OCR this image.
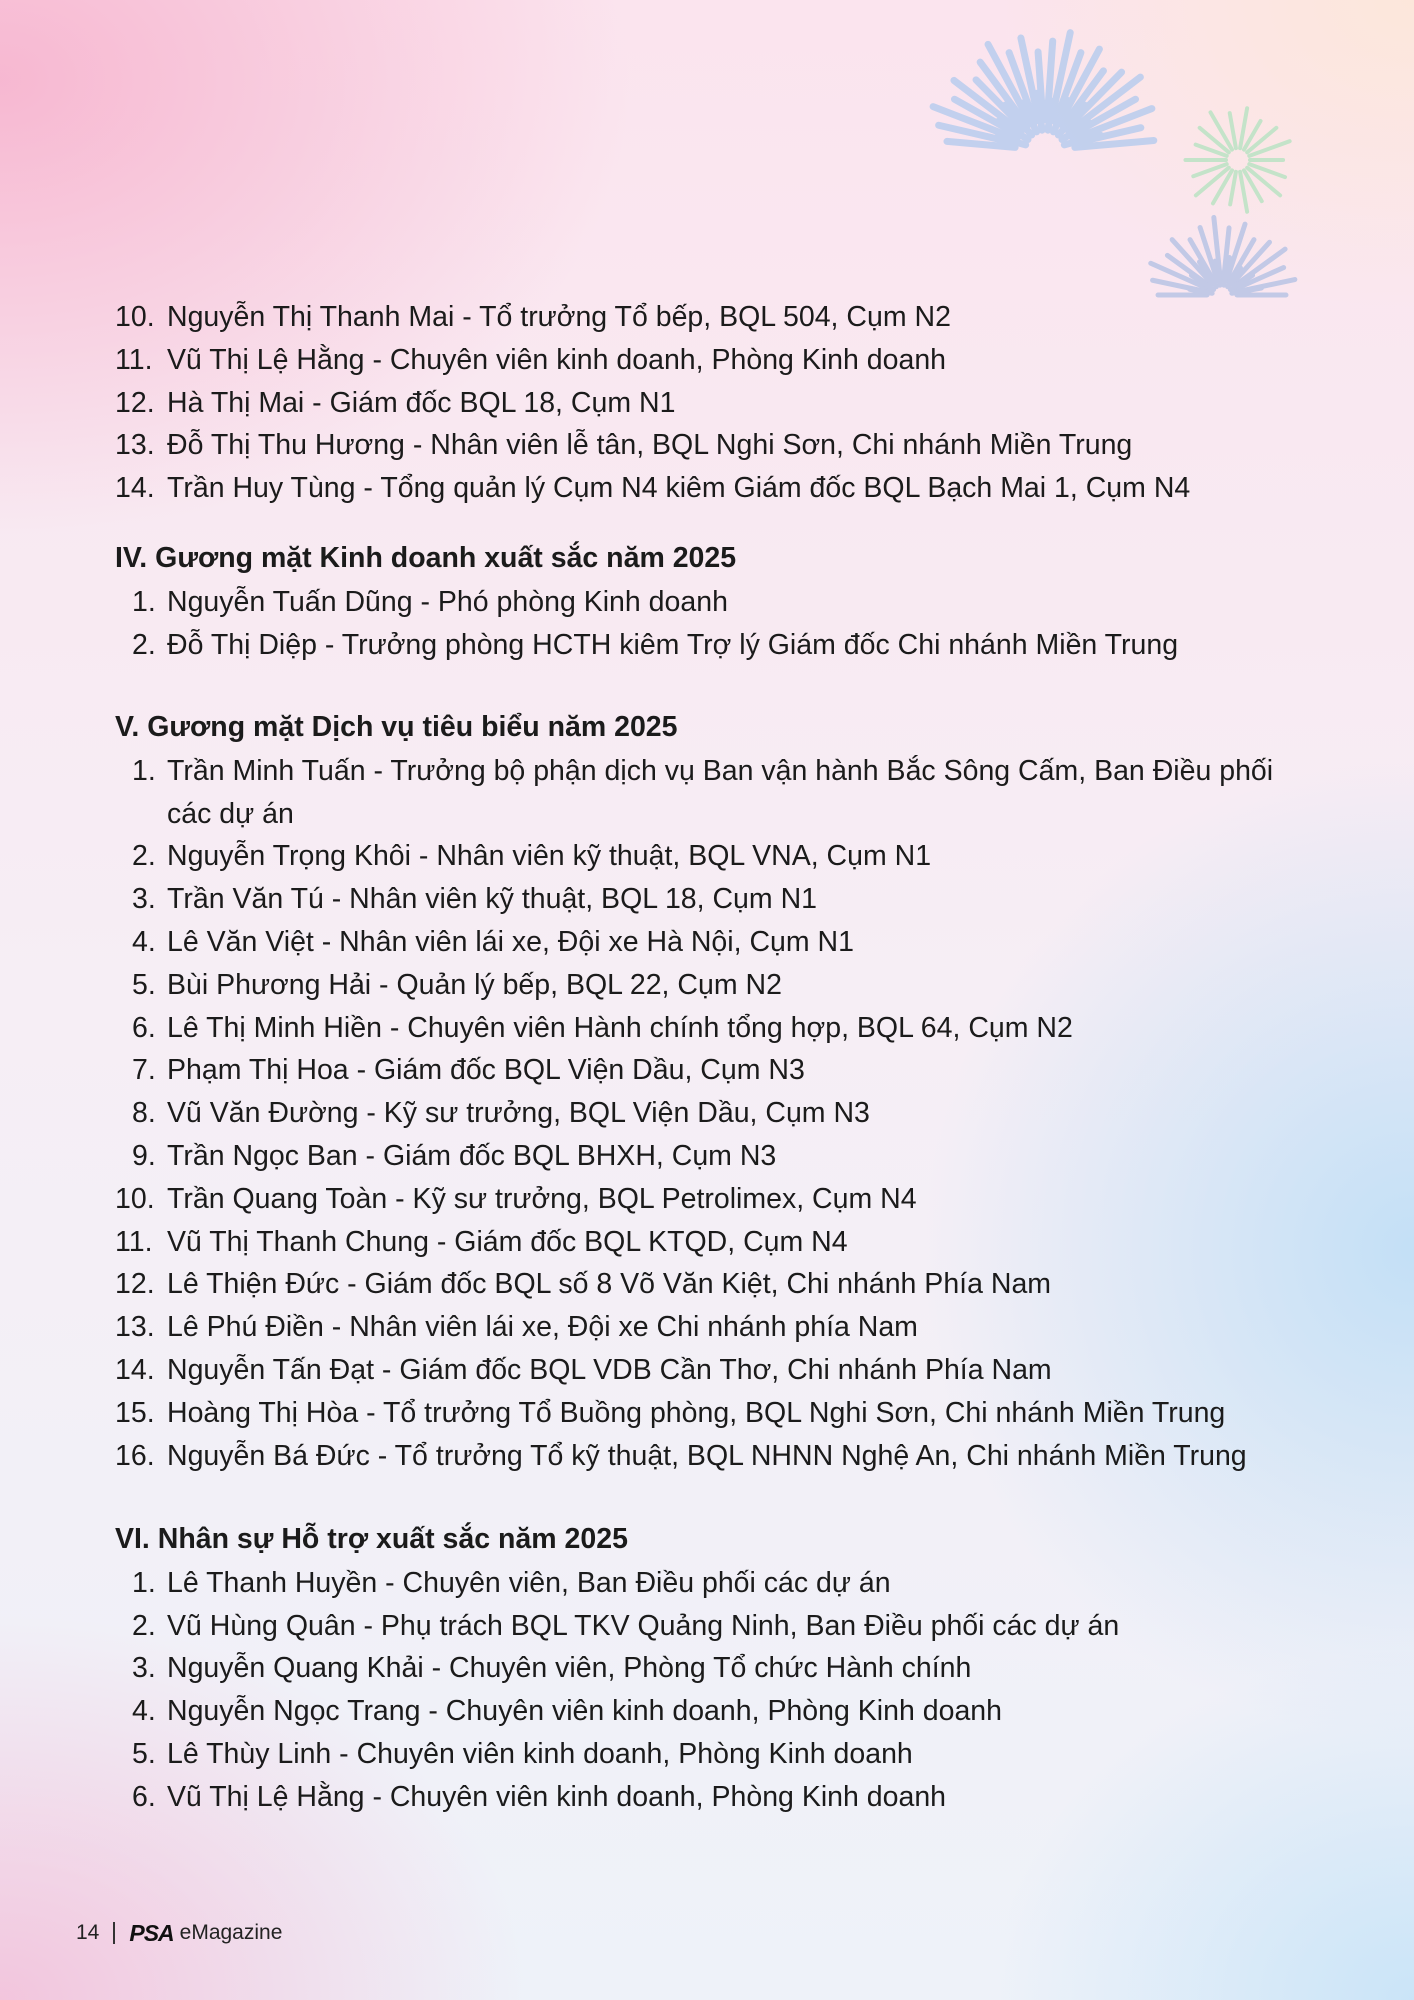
10. Nguyễn Thị Thanh Mai - Tổ trưởng Tổ bếp, BQL 504, Cụm N2
11. Vũ Thị Lệ Hằng - Chuyên viên kinh doanh, Phòng Kinh doanh
12. Hà Thị Mai - Giám đốc BQL 18, Cụm N1
13. Đỗ Thị Thu Hương - Nhân viên lễ tân, BQL Nghi Sơn, Chi nhánh Miền Trung
14. Trần Huy Tùng - Tổng quản lý Cụm N4 kiêm Giám đốc BQL Bạch Mai 1, Cụm N4
IV. Gương mặt Kinh doanh xuất sắc năm 2025
1. Nguyễn Tuấn Dũng - Phó phòng Kinh doanh
2. Đỗ Thị Diệp - Trưởng phòng HCTH kiêm Trợ lý Giám đốc Chi nhánh Miền Trung
V. Gương mặt Dịch vụ tiêu biểu năm 2025
1. Trần Minh Tuấn - Trưởng bộ phận dịch vụ Ban vận hành Bắc Sông Cấm, Ban Điều phối
các dự án
2. Nguyễn Trọng Khôi - Nhân viên kỹ thuật, BQL VNA, Cụm N1
3. Trần Văn Tú - Nhân viên kỹ thuật, BQL 18, Cụm N1
4. Lê Văn Việt - Nhân viên lái xe, Đội xe Hà Nội, Cụm N1
5. Bùi Phương Hải - Quản lý bếp, BQL 22, Cụm N2
6. Lê Thị Minh Hiền - Chuyên viên Hành chính tổng hợp, BQL 64, Cụm N2
7. Phạm Thị Hoa - Giám đốc BQL Viện Dầu, Cụm N3
8. Vũ Văn Đường - Kỹ sư trưởng, BQL Viện Dầu, Cụm N3
9. Trần Ngọc Ban - Giám đốc BQL BHXH, Cụm N3
10. Trần Quang Toàn - Kỹ sư trưởng, BQL Petrolimex, Cụm N4
11. Vũ Thị Thanh Chung - Giám đốc BQL KTQD, Cụm N4
12. Lê Thiện Đức - Giám đốc BQL số 8 Võ Văn Kiệt, Chi nhánh Phía Nam
13. Lê Phú Điền - Nhân viên lái xe, Đội xe Chi nhánh phía Nam
14. Nguyễn Tấn Đạt - Giám đốc BQL VDB Cần Thơ, Chi nhánh Phía Nam
15. Hoàng Thị Hòa - Tổ trưởng Tổ Buồng phòng, BQL Nghi Sơn, Chi nhánh Miền Trung
16. Nguyễn Bá Đức - Tổ trưởng Tổ kỹ thuật, BQL NHNN Nghệ An, Chi nhánh Miền Trung
VI. Nhân sự Hỗ trợ xuất sắc năm 2025
1. Lê Thanh Huyền - Chuyên viên, Ban Điều phối các dự án
2. Vũ Hùng Quân - Phụ trách BQL TKV Quảng Ninh, Ban Điều phối các dự án
3. Nguyễn Quang Khải - Chuyên viên, Phòng Tổ chức Hành chính
4. Nguyễn Ngọc Trang - Chuyên viên kinh doanh, Phòng Kinh doanh
5. Lê Thùy Linh - Chuyên viên kinh doanh, Phòng Kinh doanh
6. Vũ Thị Lệ Hằng - Chuyên viên kinh doanh, Phòng Kinh doanh
14 PSA eMagazine
